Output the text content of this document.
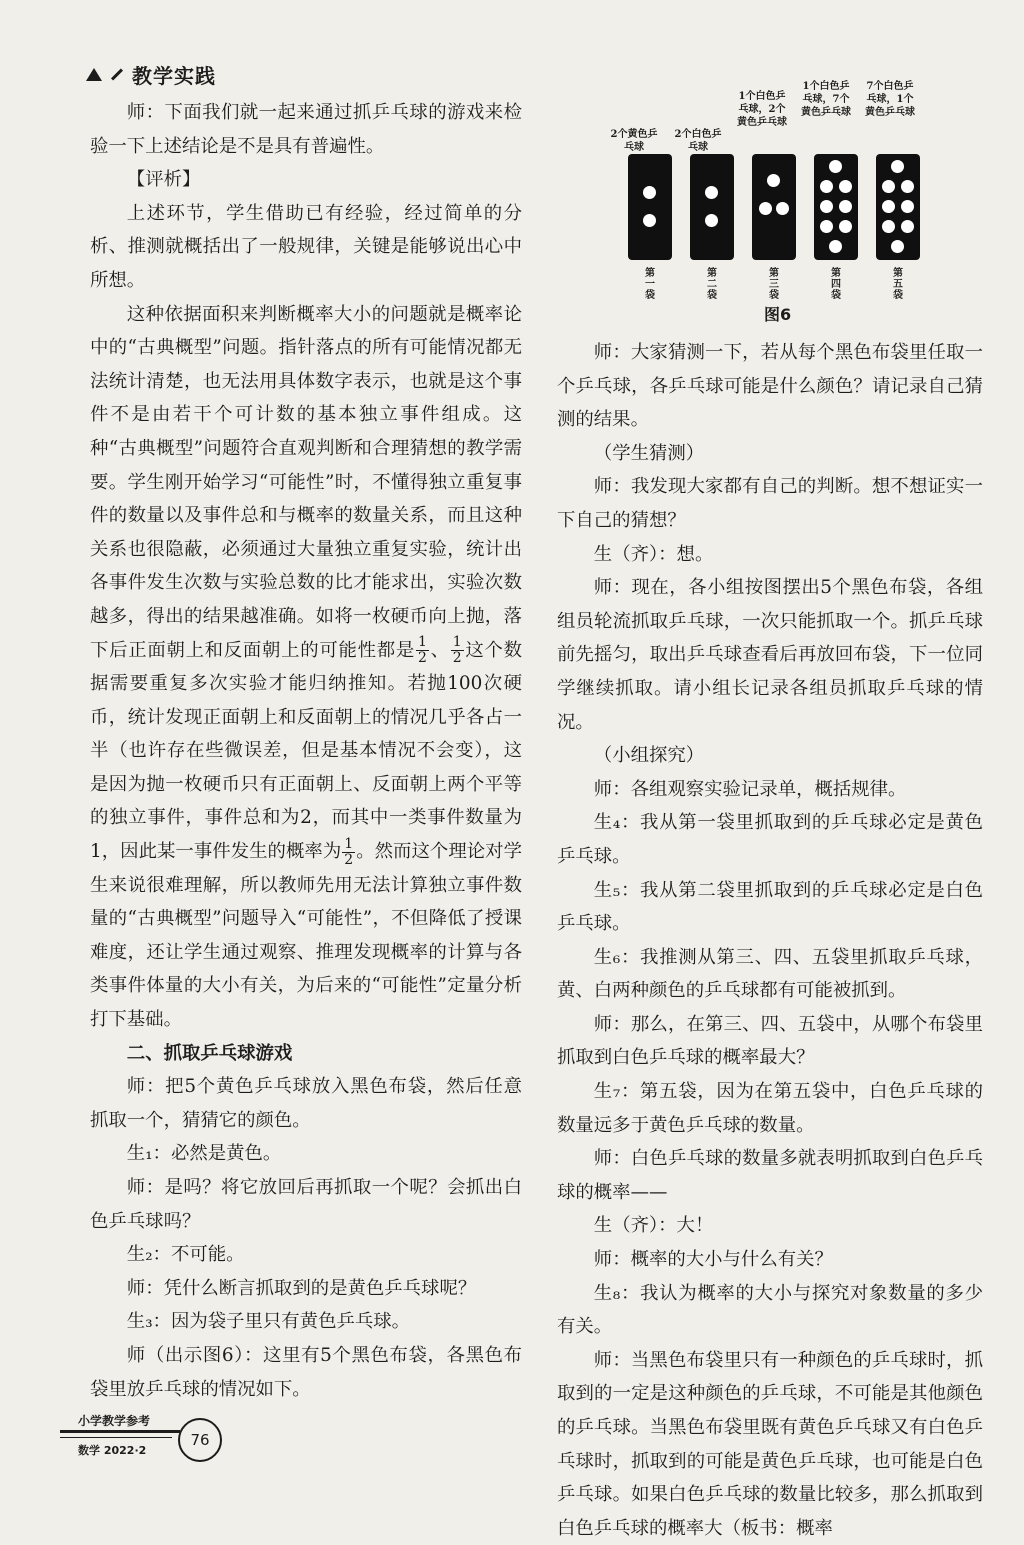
教学实践

师：下面我们就一起来通过抓乒乓球的游戏来检验一下上述结论是不是具有普遍性。

【评析】

上述环节，学生借助已有经验，经过简单的分析、推测就概括出了一般规律，关键是能够说出心中所想。

这种依据面积来判断概率大小的问题就是概率论中的“古典概型”问题。指针落点的所有可能情况都无法统计清楚，也无法用具体数字表示，也就是这个事件不是由若干个可计数的基本独立事件组成。这种“古典概型”问题符合直观判断和合理猜想的教学需要。学生刚开始学习“可能性”时，不懂得独立重复事件的数量以及事件总和与概率的数量关系，而且这种关系也很隐蔽，必须通过大量独立重复实验，统计出各事件发生次数与实验总数的比才能求出，实验次数越多，得出的结果越准确。如将一枚硬币向上抛，落下后正面朝上和反面朝上的可能性都是 $\frac{1}{2}$ 、 $\frac{1}{2}$ 这个数据需要重复多次实验才能归纳推知。若抛100次硬币，统计发现正面朝上和反面朝上的情况几乎各占一半（也许存在些微误差，但是基本情况不会变），这是因为抛一枚硬币只有正面朝上、反面朝上两个平等的独立事件，事件总和为2，而其中一类事件数量为1，因此某一事件发生的概率为 $\frac{1}{2}$ 。然而这个理论对学生来说很难理解，所以教师先用无法计算独立事件数量的“古典概型”问题导入“可能性”，不但降低了授课难度，还让学生通过观察、推理发现概率的计算与各类事件体量的大小有关，为后来的“可能性”定量分析打下基础。

二、抓取乒乓球游戏

师：把5个黄色乒乓球放入黑色布袋，然后任意抓取一个，猜猜它的颜色。

生₁：必然是黄色。

师：是吗？将它放回后再抓取一个呢？会抓出白色乒乓球吗？

生₂：不可能。

师：凭什么断言抓取到的是黄色乒乓球呢？

生₃：因为袋子里只有黄色乒乓球。

师（出示图6）：这里有5个黑色布袋，各黑色布袋里放乒乓球的情况如下。

2个黄色乒乓球
2个白色乒乓球
1个白色乒乓球，2个黄色乒乓球
1个白色乒乓球，7个黄色乒乓球
7个白色乒乓球，1个黄色乒乓球
第一袋
第二袋
第三袋
第四袋
第五袋
图6

师：大家猜测一下，若从每个黑色布袋里任取一个乒乓球，各乒乓球可能是什么颜色？请记录自己猜测的结果。

（学生猜测）

师：我发现大家都有自己的判断。想不想证实一下自己的猜想？

生（齐）：想。

师：现在，各小组按图摆出5个黑色布袋，各组组员轮流抓取乒乓球，一次只能抓取一个。抓乒乓球前先摇匀，取出乒乓球查看后再放回布袋，下一位同学继续抓取。请小组长记录各组员抓取乒乓球的情况。

（小组探究）

师：各组观察实验记录单，概括规律。

生₄：我从第一袋里抓取到的乒乓球必定是黄色乒乓球。

生₅：我从第二袋里抓取到的乒乓球必定是白色乒乓球。

生₆：我推测从第三、四、五袋里抓取乒乓球，黄、白两种颜色的乒乓球都有可能被抓到。

师：那么，在第三、四、五袋中，从哪个布袋里抓取到白色乒乓球的概率最大？

生₇：第五袋，因为在第五袋中，白色乒乓球的数量远多于黄色乒乓球的数量。

师：白色乒乓球的数量多就表明抓取到白色乒乓球的概率——

生（齐）：大！

师：概率的大小与什么有关？

生₈：我认为概率的大小与探究对象数量的多少有关。

师：当黑色布袋里只有一种颜色的乒乓球时，抓取到的一定是这种颜色的乒乓球，不可能是其他颜色的乒乓球。当黑色布袋里既有黄色乒乓球又有白色乒乓球时，抓取到的可能是黄色乒乓球，也可能是白色乒乓球。如果白色乒乓球的数量比较多，那么抓取到白色乒乓球的概率大（板书：概率

小学教学参考
数学 2022·2
76
